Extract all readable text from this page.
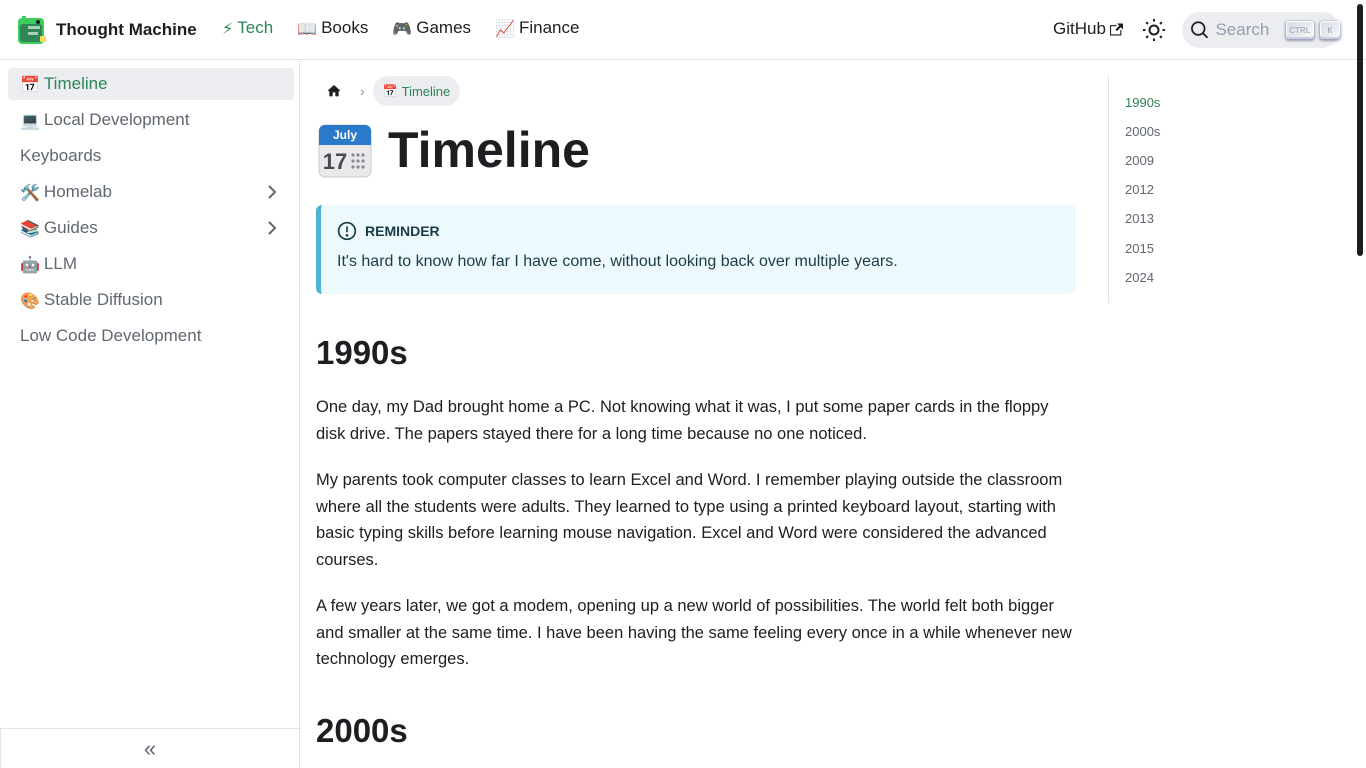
Thought Machine ⚡ Tech 📖 Books 🎮 Games 📈 Finance	GitHub	Search	CTRL	K
📅 Timeline
💻 Local Development
Keyboards
🛠️ Homelab
📚 Guides
🤖 LLM
🎨 Stable Diffusion
Low Code Development
«
› 📅 Timeline
July
17 Timeline
REMINDER
It's hard to know how far I have come, without looking back over multiple years.
1990s

One day, my Dad brought home a PC. Not knowing what it was, I put some paper cards in the floppy disk drive. The papers stayed there for a long time because no one noticed.

My parents took computer classes to learn Excel and Word. I remember playing outside the classroom where all the students were adults. They learned to type using a printed keyboard layout, starting with basic typing skills before learning mouse navigation. Excel and Word were considered the advanced courses.

A few years later, we got a modem, opening up a new world of possibilities. The world felt both bigger and smaller at the same time. I have been having the same feeling every once in a while whenever new technology emerges.

2000s
1990s
2000s
2009
2012
2013
2015
2024
